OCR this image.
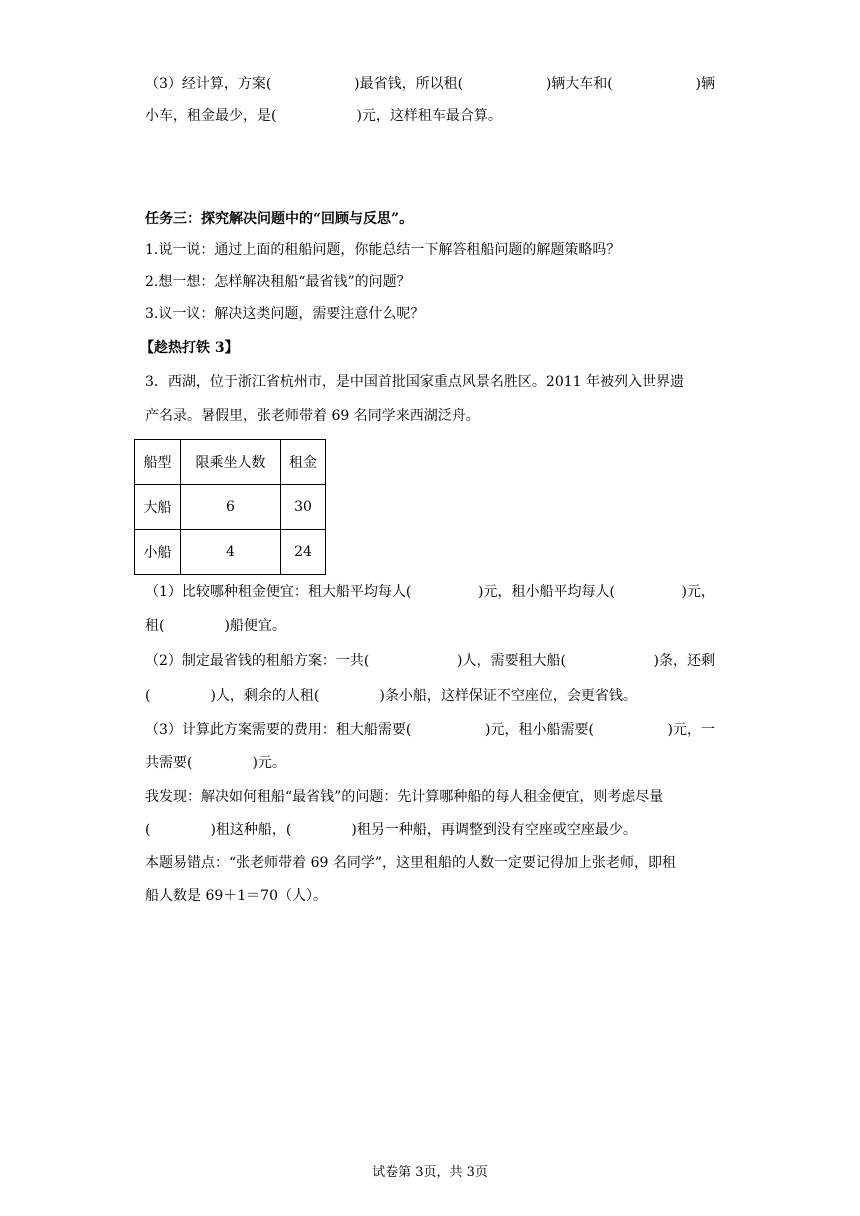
（3）经计算，方案(	)最省钱，所以租(	)辆大车和(	)辆
小车，租金最少，是(	)元，这样租车最合算。
任务三：探究解决问题中的“回顾与反思”。
1.说一说：通过上面的租船问题，你能总结一下解答租船问题的解题策略吗？
2.想一想：怎样解决租船“最省钱”的问题？
3.议一议：解决这类问题，需要注意什么呢？
【趁热打铁 3】
3．西湖，位于浙江省杭州市，是中国首批国家重点风景名胜区。2011 年被列入世界遗
产名录。暑假里，张老师带着 69 名同学来西湖泛舟。
船型	限乘坐人数	租金
大船	6	30
小船	4	24
（1）比较哪种租金便宜：租大船平均每人(	)元，租小船平均每人(	)元，
租(	)船便宜。
（2）制定最省钱的租船方案：一共(	)人，需要租大船(	)条，还剩
(	)人，剩余的人租(	)条小船，这样保证不空座位，会更省钱。
（3）计算此方案需要的费用：租大船需要(	)元，租小船需要(	)元，一
共需要(	)元。
我发现：解决如何租船“最省钱”的问题：先计算哪种船的每人租金便宜，则考虑尽量
(	)租这种船，(	)租另一种船，再调整到没有空座或空座最少。
本题易错点：“张老师带着 69 名同学”，这里租船的人数一定要记得加上张老师，即租
船人数是 69＋1＝70（人）。
试卷第 3页，共 3页
